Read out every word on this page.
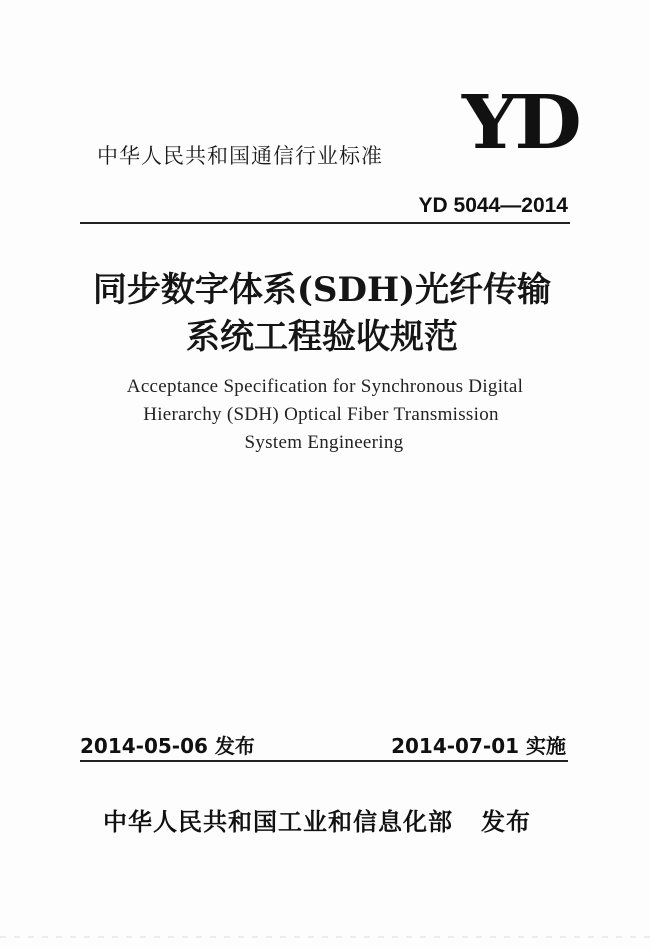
中华人民共和国通信行业标准 YD
YD 5044—2014
同步数字体系(SDH)光纤传输
系统工程验收规范
Acceptance Specification for Synchronous Digital
Hierarchy (SDH) Optical Fiber Transmission
System Engineering
2014-05-06 发布	2014-07-01 实施
中华人民共和国工业和信息化部 发布
